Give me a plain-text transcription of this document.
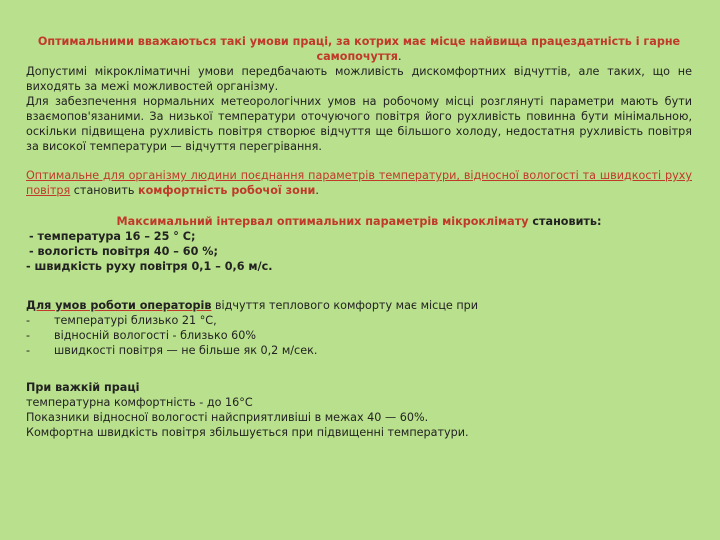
Оптимальними вважаються такі умови праці, за котрих має місце найвища працездатність і гарне
самопочуття.

Допустимі мікрокліматичні умови передбачають можливість дискомфортних відчуттів, але таких, що не виходять за межі можливостей організму.

Для забезпечення нормальних метеорологічних умов на робочому місці розглянуті параметри мають бути взаємопов'язаними. За низької температури оточуючого повітря його рухливість повинна бути мінімальною, оскільки підвищена рухливість повітря створює відчуття ще більшого холоду, недостатня рухливість повітря за високої температури — відчуття перегрівання.

Оптимальне для організму людини поєднання параметрів температури, відносної вологості та швидкості руху повітря становить комфортність робочої зони.

Максимальний інтервал оптимальних параметрів мікроклімату становить:

- температура 16 – 25 ° С;

- вологість повітря 40 – 60 %;

- швидкість руху повітря 0,1 – 0,6 м/с.

Для умов роботи операторів відчуття теплового комфорту має місце при

-	температурі близько 21 °С,
-	відносній вологості - близько 60%
-	швидкості повітря — не більше як 0,2 м/сек.

При важкій праці

температурна комфортність - до 16°С

Показники відносної вологості найсприятливіші в межах 40 — 60%.

Комфортна швидкість повітря збільшується при підвищенні температури.
